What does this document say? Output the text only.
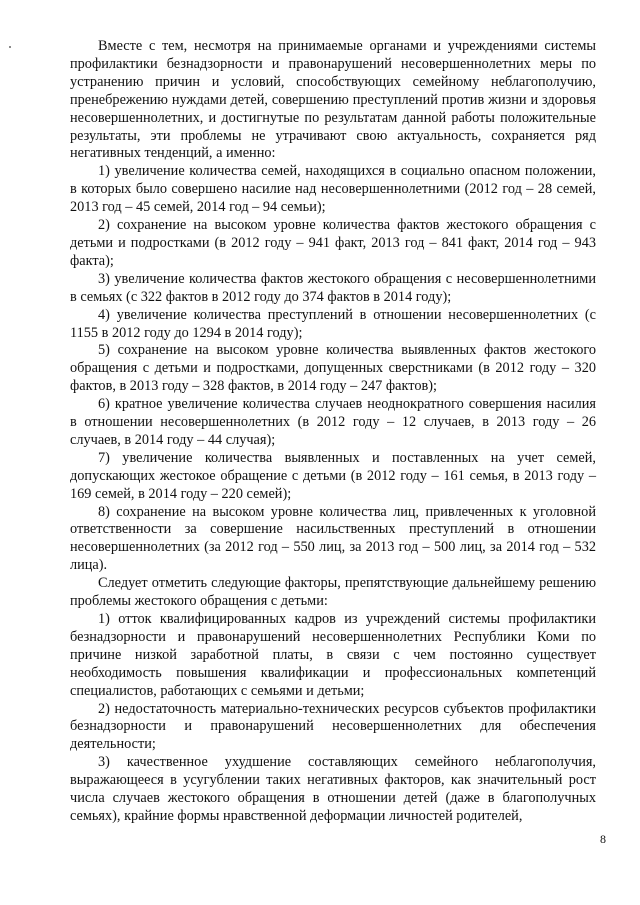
Вместе с тем, несмотря на принимаемые органами и учреждениями системы профилактики безнадзорности и правонарушений несовершеннолетних меры по устранению причин и условий, способствующих семейному неблагополучию, пренебрежению нуждами детей, совершению преступлений против жизни и здоровья несовершеннолетних, и достигнутые по результатам данной работы положительные результаты, эти проблемы не утрачивают свою актуальность, сохраняется ряд негативных тенденций, а именно:

1) увеличение количества семей, находящихся в социально опасном положении, в которых было совершено насилие над несовершеннолетними (2012 год – 28 семей, 2013 год – 45 семей, 2014 год – 94 семьи);

2) сохранение на высоком уровне количества фактов жестокого обращения с детьми и подростками (в 2012 году – 941 факт, 2013 год – 841 факт, 2014 год – 943 факта);

3) увеличение количества фактов жестокого обращения с несовершеннолетними в семьях (с 322 фактов в 2012 году до 374 фактов в 2014 году);

4) увеличение количества преступлений в отношении несовершеннолетних (с 1155 в 2012 году до 1294 в 2014 году);

5) сохранение на высоком уровне количества выявленных фактов жестокого обращения с детьми и подростками, допущенных сверстниками (в 2012 году – 320 фактов, в 2013 году – 328 фактов, в 2014 году – 247 фактов);

6) кратное увеличение количества случаев неоднократного совершения насилия в отношении несовершеннолетних (в 2012 году – 12 случаев, в 2013 году – 26 случаев, в 2014 году – 44 случая);

7) увеличение количества выявленных и поставленных на учет семей, допускающих жестокое обращение с детьми (в 2012 году – 161 семья, в 2013 году – 169 семей, в 2014 году – 220 семей);

8) сохранение на высоком уровне количества лиц, привлеченных к уголовной ответственности за совершение насильственных преступлений в отношении несовершеннолетних (за 2012 год – 550 лиц, за 2013 год – 500 лиц, за 2014 год – 532 лица).

Следует отметить следующие факторы, препятствующие дальнейшему решению проблемы жестокого обращения с детьми:

1) отток квалифицированных кадров из учреждений системы профилактики безнадзорности и правонарушений несовершеннолетних Республики Коми по причине низкой заработной платы, в связи с чем постоянно существует необходимость повышения квалификации и профессиональных компетенций специалистов, работающих с семьями и детьми;

2) недостаточность материально-технических ресурсов субъектов профилактики безнадзорности и правонарушений несовершеннолетних для обеспечения деятельности;

3) качественное ухудшение составляющих семейного неблагополучия, выражающееся в усугублении таких негативных факторов, как значительный рост числа случаев жестокого обращения в отношении детей (даже в благополучных семьях), крайние формы нравственной деформации личностей родителей,

8
